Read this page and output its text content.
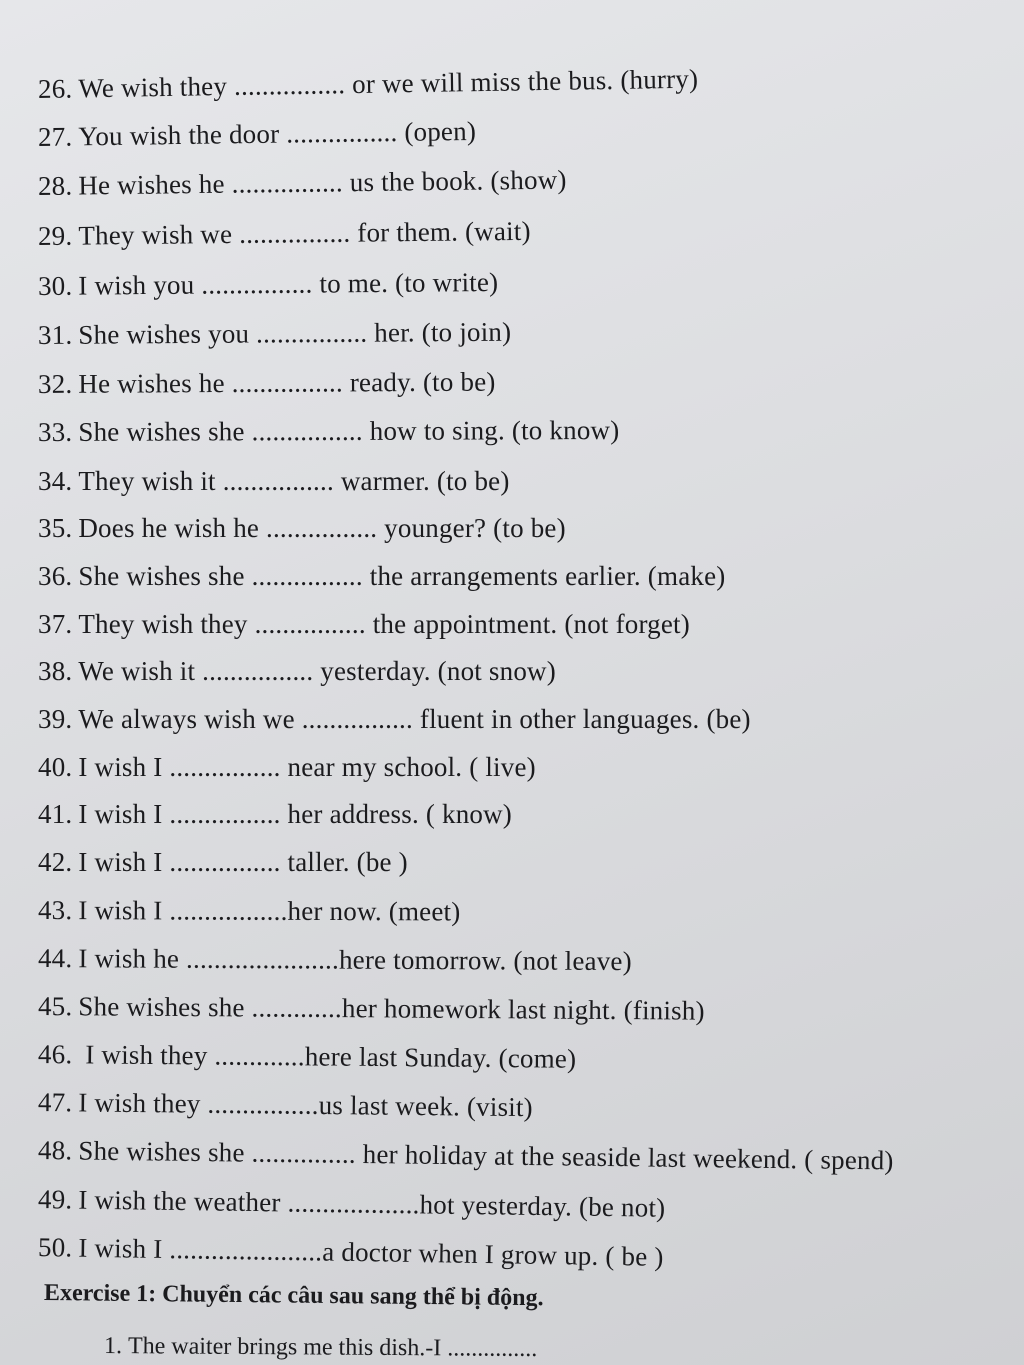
26. We wish they ................ or we will miss the bus. (hurry)
27. You wish the door ................ (open)
28. He wishes he ................ us the book. (show)
29. They wish we ................ for them. (wait)
30. I wish you ................ to me. (to write)
31. She wishes you ................ her. (to join)
32. He wishes he ................ ready. (to be)
33. She wishes she ................ how to sing. (to know)
34. They wish it ................ warmer. (to be)
35. Does he wish he ................ younger? (to be)
36. She wishes she ................ the arrangements earlier. (make)
37. They wish they ................ the appointment. (not forget)
38. We wish it ................ yesterday. (not snow)
39. We always wish we ................ fluent in other languages. (be)
40. I wish I ................ near my school. ( live)
41. I wish I ................ her address. ( know)
42. I wish I ................ taller. (be )
43. I wish I .................her now. (meet)
44. I wish he ......................here tomorrow. (not leave)
45. She wishes she .............her homework last night. (finish)
46. I wish they .............here last Sunday. (come)
47. I wish they ................us last week. (visit)
48. She wishes she ............... her holiday at the seaside last weekend. ( spend)
49. I wish the weather ...................hot yesterday. (be not)
50. I wish I ......................a doctor when I grow up. ( be )
Exercise 1: Chuyển các câu sau sang thể bị động.
1. The waiter brings me this dish.-I ...............
